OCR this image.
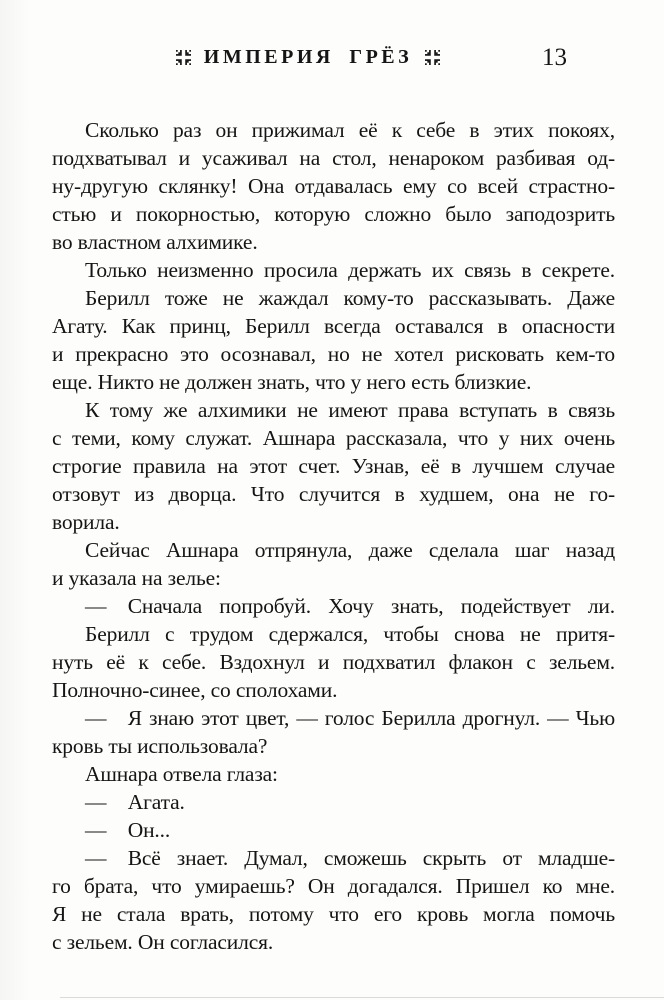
ИМПЕРИЯ ГРЁЗ	13

Сколько раз он прижимал её к себе в этих покоях,
подхватывал и усаживал на стол, ненароком разбивая од-
ну-другую склянку! Она отдавалась ему со всей страстно-
стью и покорностью, которую сложно было заподозрить
во властном алхимике.

Только неизменно просила держать их связь в секрете.

Берилл тоже не жаждал кому-то рассказывать. Даже
Агату. Как принц, Берилл всегда оставался в опасности
и прекрасно это осознавал, но не хотел рисковать кем-то
еще. Никто не должен знать, что у него есть близкие.

К тому же алхимики не имеют права вступать в связь
с теми, кому служат. Ашнара рассказала, что у них очень
строгие правила на этот счет. Узнав, её в лучшем случае
отзовут из дворца. Что случится в худшем, она не го-
ворила.

Сейчас Ашнара отпрянула, даже сделала шаг назад
и указала на зелье:

— Сначала попробуй. Хочу знать, подействует ли.

Берилл с трудом сдержался, чтобы снова не притя-
нуть её к себе. Вздохнул и подхватил флакон с зельем.
Полночно-синее, со сполохами.

— Я знаю этот цвет, — голос Берилла дрогнул. — Чью
кровь ты использовала?

Ашнара отвела глаза:

— Агата.

— Он...

— Всё знает. Думал, сможешь скрыть от младше-
го брата, что умираешь? Он догадался. Пришел ко мне.
Я не стала врать, потому что его кровь могла помочь
с зельем. Он согласился.
